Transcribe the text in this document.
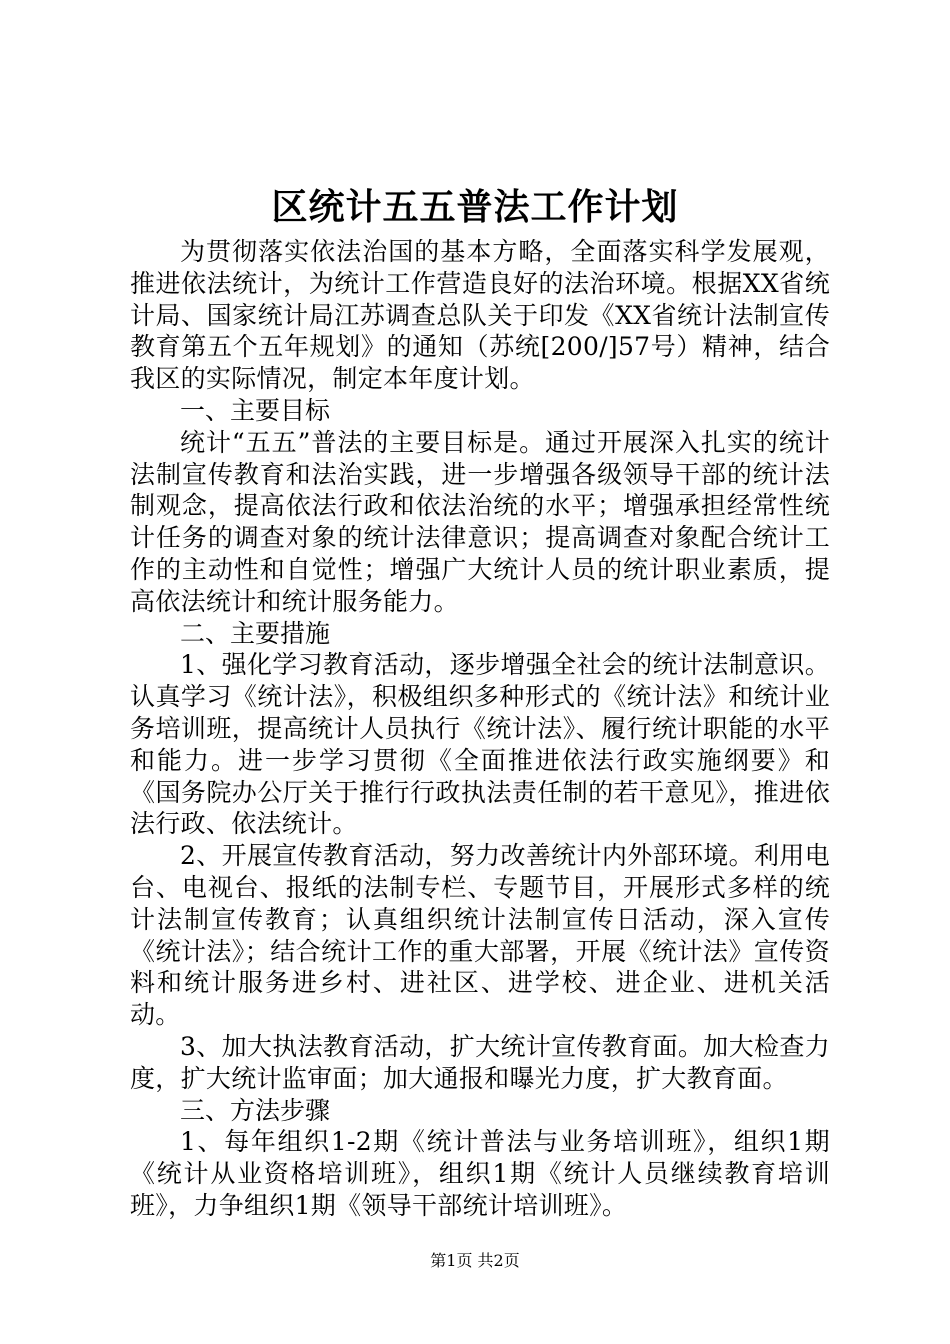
区统计五五普法工作计划

为贯彻落实依法治国的基本方略，全面落实科学发展观，推进依法统计，为统计工作营造良好的法治环境。根据XX省统计局、国家统计局江苏调查总队关于印发《XX省统计法制宣传教育第五个五年规划》的通知（苏统[200/]57号）精神，结合我区的实际情况，制定本年度计划。

一、主要目标

统计“五五”普法的主要目标是。通过开展深入扎实的统计法制宣传教育和法治实践，进一步增强各级领导干部的统计法制观念，提高依法行政和依法治统的水平；增强承担经常性统计任务的调查对象的统计法律意识；提高调查对象配合统计工作的主动性和自觉性；增强广大统计人员的统计职业素质，提高依法统计和统计服务能力。

二、主要措施

1、强化学习教育活动，逐步增强全社会的统计法制意识。认真学习《统计法》，积极组织多种形式的《统计法》和统计业务培训班，提高统计人员执行《统计法》、履行统计职能的水平和能力。进一步学习贯彻《全面推进依法行政实施纲要》和《国务院办公厅关于推行行政执法责任制的若干意见》，推进依法行政、依法统计。

2、开展宣传教育活动，努力改善统计内外部环境。利用电台、电视台、报纸的法制专栏、专题节目，开展形式多样的统计法制宣传教育；认真组织统计法制宣传日活动，深入宣传《统计法》；结合统计工作的重大部署，开展《统计法》宣传资料和统计服务进乡村、进社区、进学校、进企业、进机关活动。

3、加大执法教育活动，扩大统计宣传教育面。加大检查力度，扩大统计监审面；加大通报和曝光力度，扩大教育面。

三、方法步骤

1、每年组织1-2期《统计普法与业务培训班》，组织1期《统计从业资格培训班》，组织1期《统计人员继续教育培训班》，力争组织1期《领导干部统计培训班》。

第1页 共2页
